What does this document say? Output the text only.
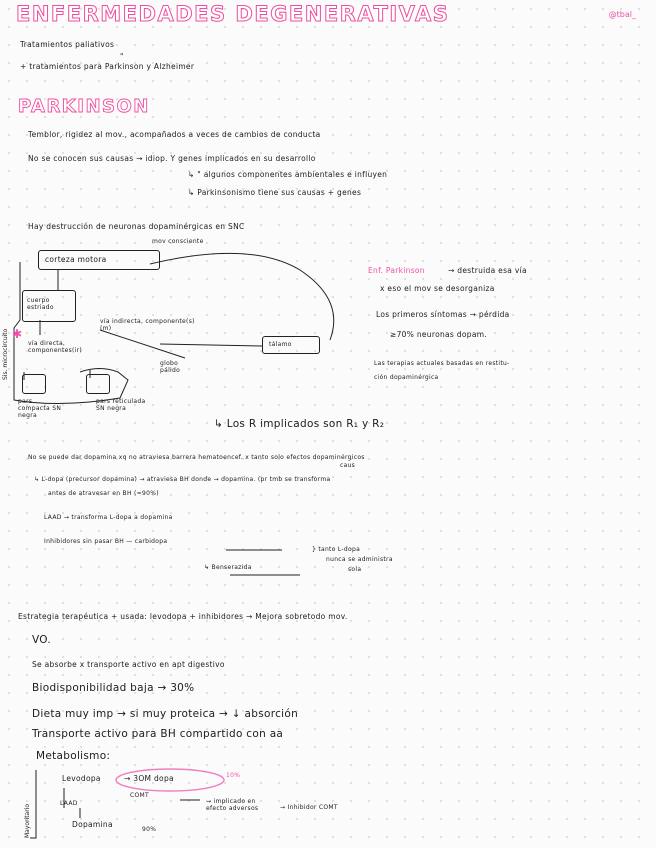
ENFERMEDADES DEGENERATIVAS	@tbal_
Tratamientos paliativos
"
+ tratamientos para Parkinson y Alzheimer
PARKINSON
Temblor, rigidez al mov., acompañados a veces de cambios de conducta
No se conocen sus causas → idiop. Y genes implicados en su desarrollo
↳ " algunos componentes ambientales e influyen
↳ Parkinsonismo tiene sus causas + genes
Hay destrucción de neuronas dopaminérgicas en SNC
✱
corteza motora
mov consciente
cuerpo estriado
vía indirecta, componente(s)(m)
vía directa, componentes(ir)
tálamo
globo pálido
pars compacta SN negra
pars reticulada SN negra
Sis. microcircuito
Enf. Parkinson	→ destruida esa vía
x eso el mov se desorganiza
Los primeros síntomas → pérdida
≥70% neuronas dopam.
Las terapias actuales basadas en restitu-
ción dopaminérgica
↳ Los R implicados son R₁ y R₂
No se puede dar dopamina xq no atraviesa barrera hematoencef. x tanto solo efectos dopaminérgicos
caus
↳ L-dopa (precursor dopamina) → atraviesa BH donde → dopamina. (pr tmb se transforma
antes de atravesar en BH (≈90%)
LAAD → transforma L-dopa a dopamina
Inhibidores sin pasar BH — carbidopa
↳ Benserazida
} tanto L-dopa
nunca se administra
sola
Estrategia terapéutica + usada: levodopa + inhibidores → Mejora sobretodo mov.
VO.
Se absorbe x transporte activo en apt digestivo
Biodisponibilidad baja → 30%
Dieta muy imp → si muy proteica → ↓ absorción
Transporte activo para BH compartido con aa
Metabolismo:
Levodopa	→ 3OM dopa	10%
COMT
LAAD
Dopamina
90%
→ implicado en efecto adversos	→ Inhibidor COMT
Mayoritario
